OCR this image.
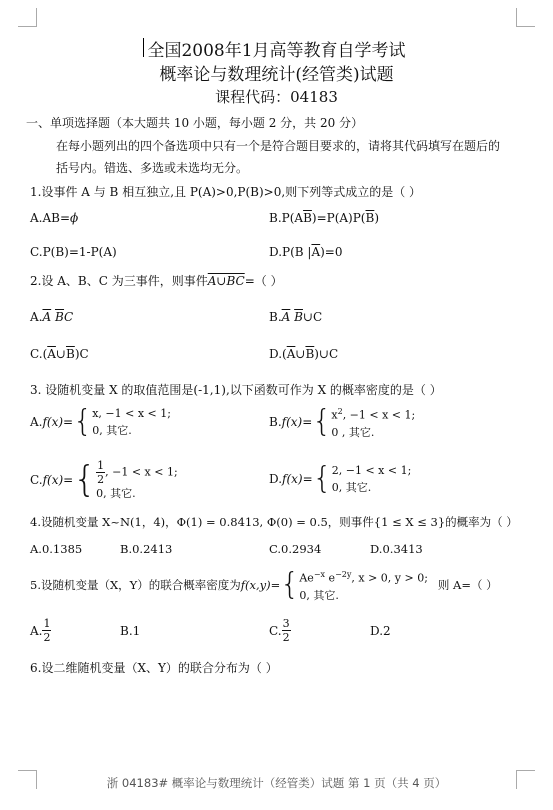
全国2008年1月高等教育自学考试
概率论与数理统计(经管类)试题
课程代码：04183
一、单项选择题（本大题共 10 小题，每小题 2 分，共 20 分）
在每小题列出的四个备选项中只有一个是符合题目要求的，请将其代码填写在题后的
括号内。错选、多选或未选均无分。
1.设事件 A 与 B 相互独立,且 P(A)>0,P(B)>0,则下列等式成立的是（ ）
A.AB=ϕ	$B.P(A\overline{B})=P(A)P(\overline{B})$
C.P(B)=1-P(A)	D.P(B $|\overline{A})=0$
2.设 A、B、C 为三事件，则事件A∪BC=（ ）
$A.\overline{A}$ $\overline{B}C$	$B.\overline{A}$ $\overline{B}\cup C$
$C.(\overline{A}\cup\overline{B})C$	$D.(\overline{A}\cup\overline{B})\cup C$
3. 设随机变量 X 的取值范围是(-1,1),以下函数可作为 X 的概率密度的是（ ）
A. f(x)= { x, −1 < x < 1;
0, 其它.
B. f(x)= { $x^2$, −1 < x < 1;
0 , 其它.
C. f(x)= { $\frac{1}{2}$ , −1 < x < 1;
0, 其它.
D. f(x)= { 2, −1 < x < 1;
0, 其它.
4.设随机变量 X~N(1，4)，Φ(1) = 0.8413, Φ(0) = 0.5，则事件{1 ≤ X ≤ 3}的概率为（ ）
A.0.1385	B.0.2413	C.0.2934	D.0.3413
5.设随机变量（X，Y）的联合概率密度为 f(x,y)= { $Ae^{-x}$ $e^{-2y}$, x > 0, y > 0;
0, 其它.
则 A=（ ）
A. $\frac{1}{2}$	B.1	C. $\frac{3}{2}$	D.2
6.设二维随机变量（X、Y）的联合分布为（ ）
浙 04183# 概率论与数理统计（经管类）试题 第 1 页（共 4 页）
